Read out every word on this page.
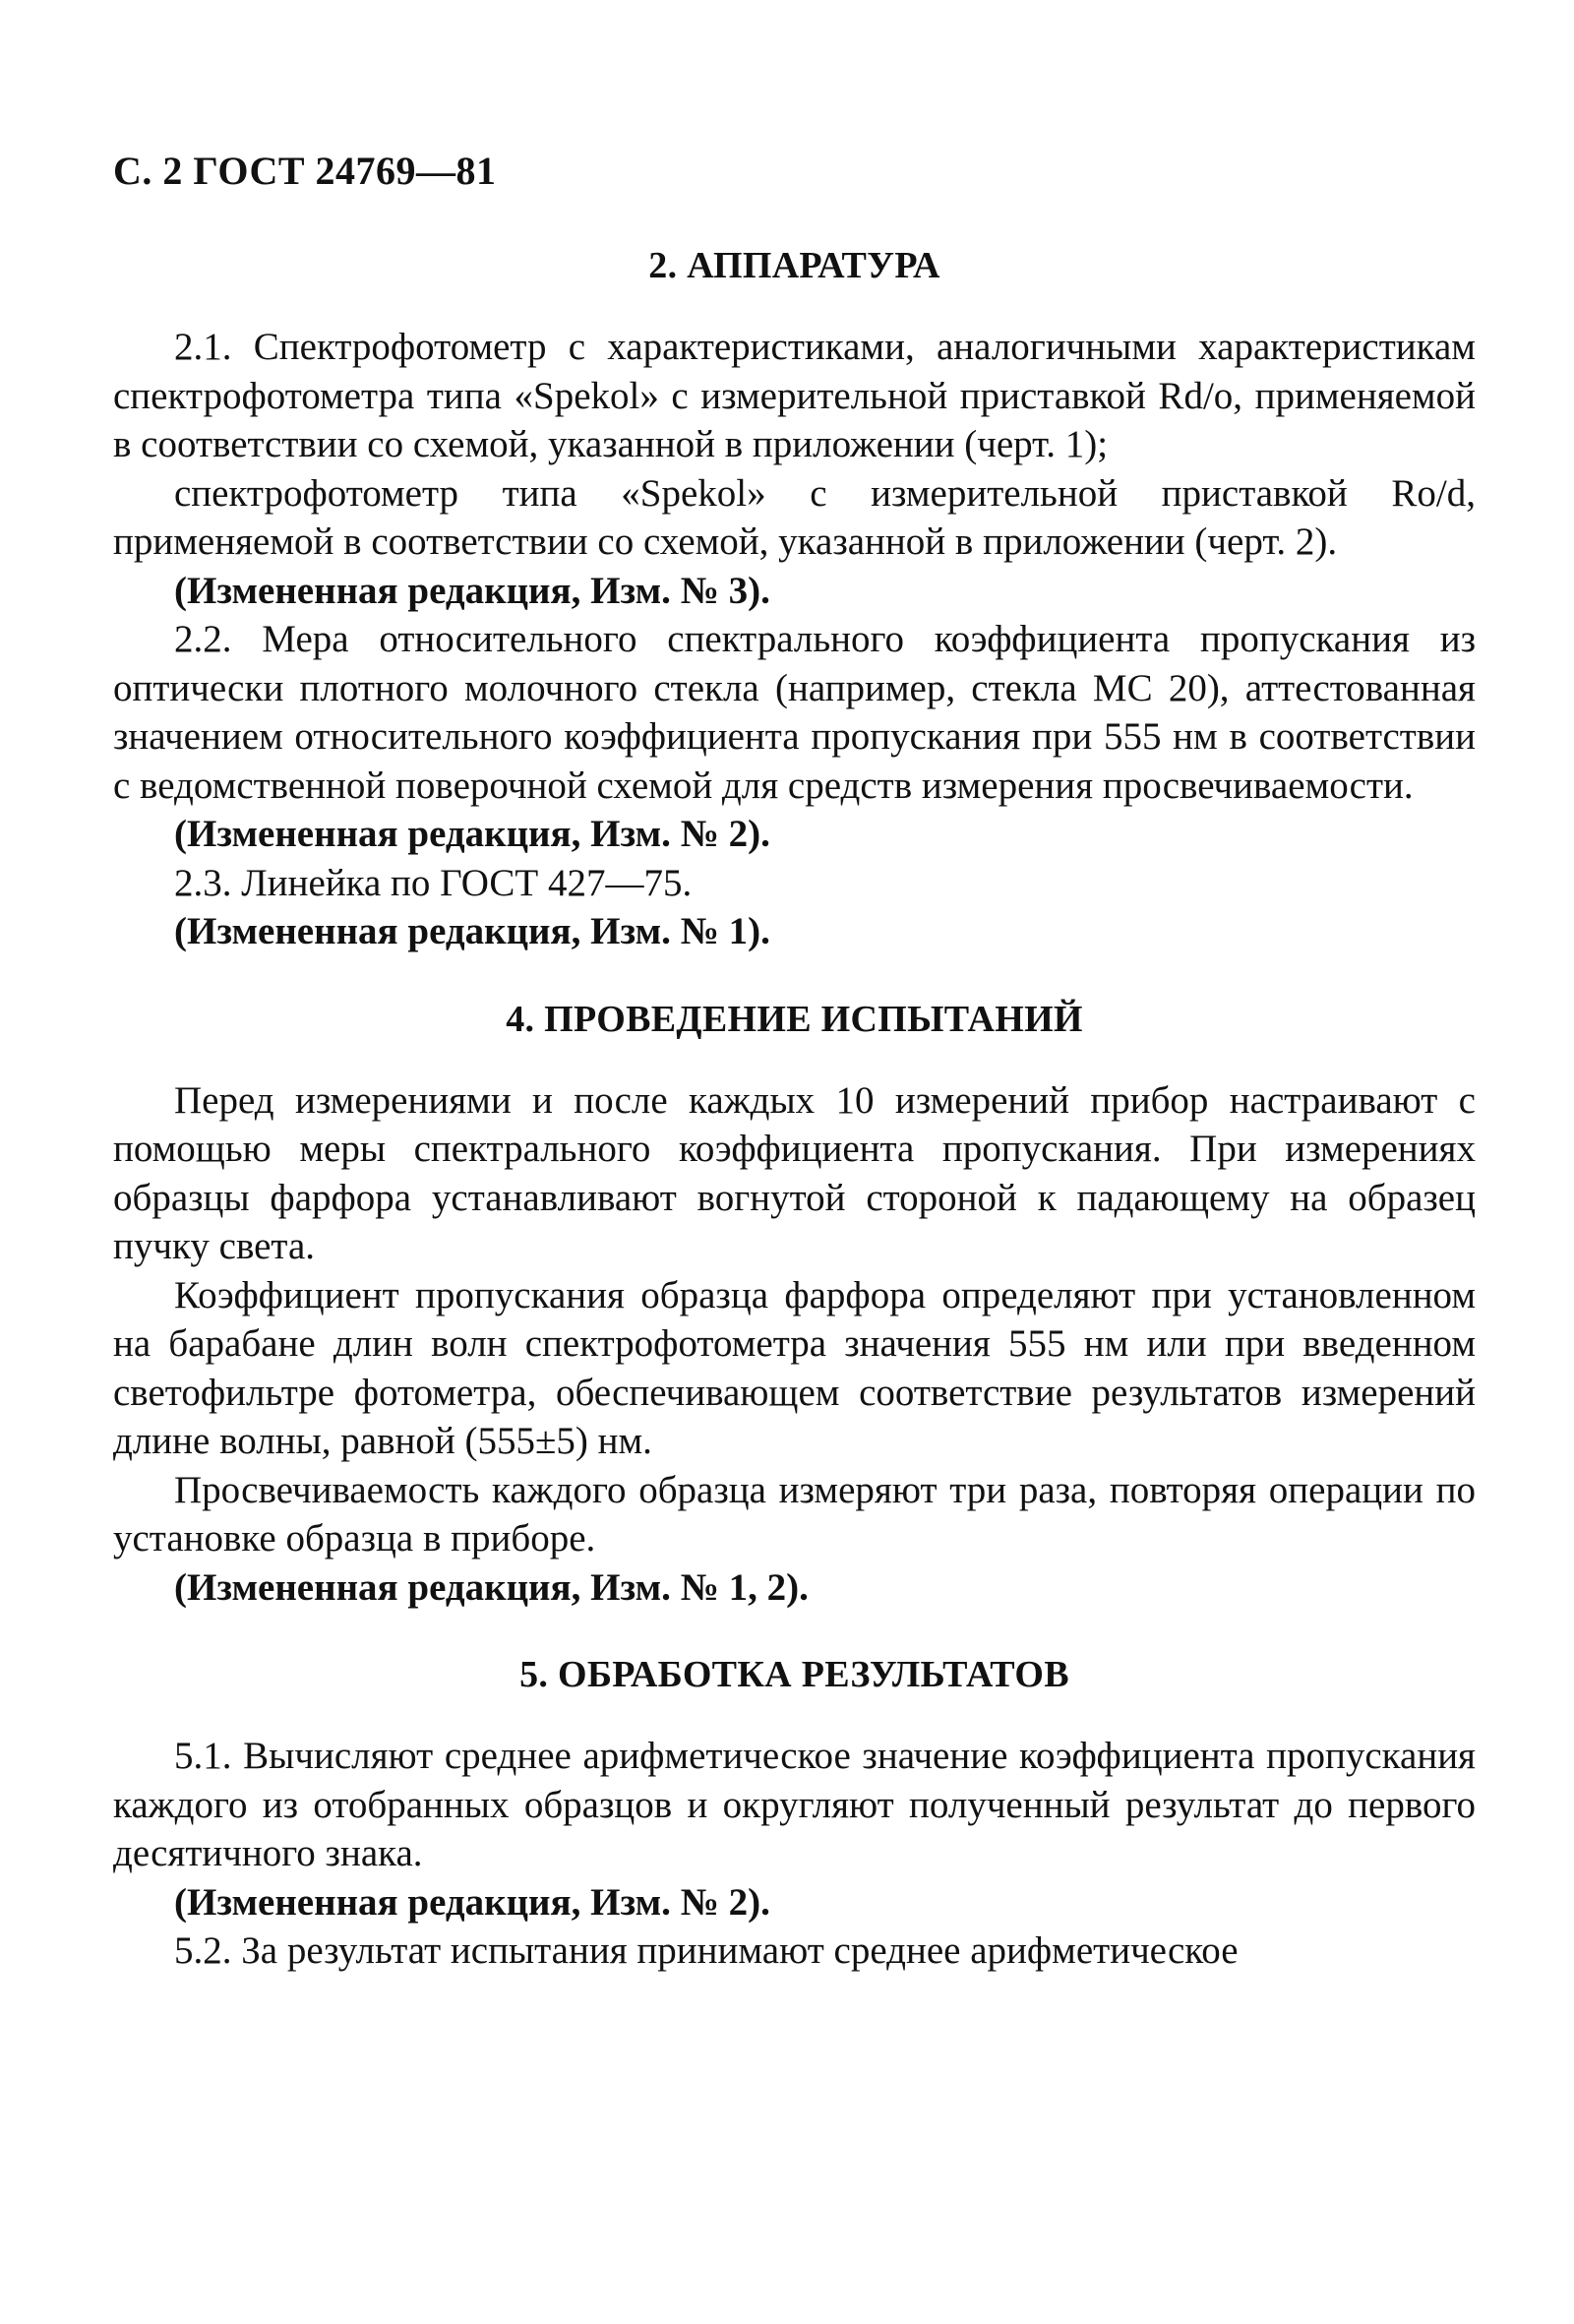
С. 2 ГОСТ 24769—81
2. АППАРАТУРА

2.1. Спектрофотометр с характеристиками, аналогичными характеристикам спектрофотометра типа «Spekol» с измерительной приставкой Rd/o, применяемой в соответствии со схемой, указанной в приложении (черт. 1);

спектрофотометр типа «Spekol» с измерительной приставкой Ro/d, применяемой в соответствии со схемой, указанной в приложении (черт. 2).

(Измененная редакция, Изм. № 3).

2.2. Мера относительного спектрального коэффициента пропускания из оптически плотного молочного стекла (например, стекла МС 20), аттестованная значением относительного коэффициента пропускания при 555 нм в соответствии с ведомственной поверочной схемой для средств измерения просвечиваемости.

(Измененная редакция, Изм. № 2).

2.3. Линейка по ГОСТ 427—75.

(Измененная редакция, Изм. № 1).

4. ПРОВЕДЕНИЕ ИСПЫТАНИЙ

Перед измерениями и после каждых 10 измерений прибор настраивают с помощью меры спектрального коэффициента пропускания. При измерениях образцы фарфора устанавливают вогнутой стороной к падающему на образец пучку света.

Коэффициент пропускания образца фарфора определяют при установленном на барабане длин волн спектрофотометра значения 555 нм или при введенном светофильтре фотометра, обеспечивающем соответствие результатов измерений длине волны, равной (555±5) нм.

Просвечиваемость каждого образца измеряют три раза, повторяя операции по установке образца в приборе.

(Измененная редакция, Изм. № 1, 2).

5. ОБРАБОТКА РЕЗУЛЬТАТОВ

5.1. Вычисляют среднее арифметическое значение коэффициента пропускания каждого из отобранных образцов и округляют полученный результат до первого десятичного знака.

(Измененная редакция, Изм. № 2).

5.2. За результат испытания принимают среднее арифметическое
